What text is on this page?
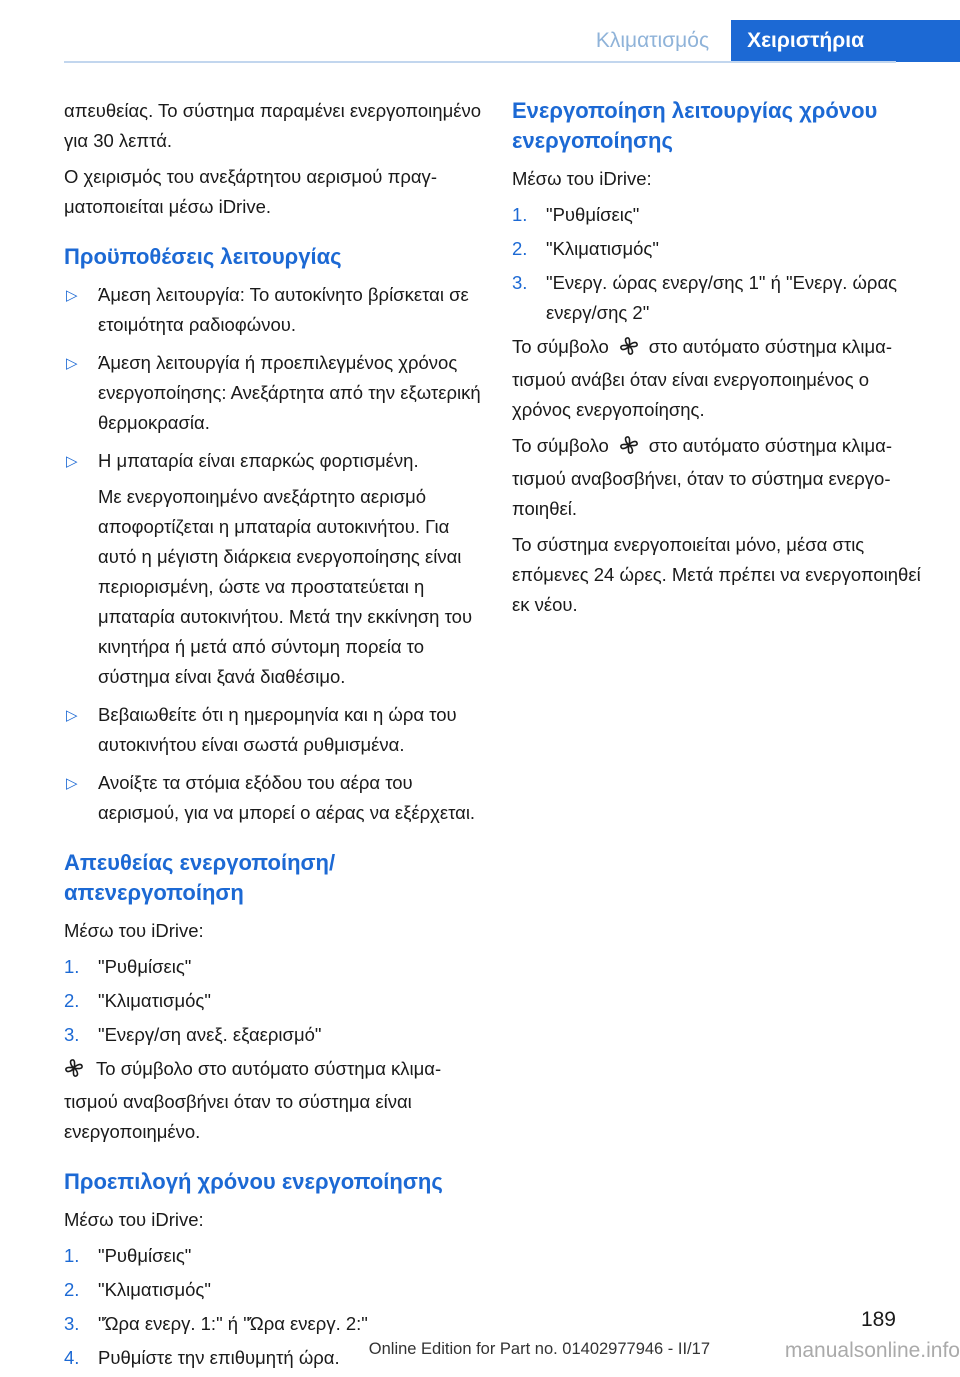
Κλιματισμός	Χειριστήρια

απευθείας. Το σύστημα παραμένει ενεργοποιημένο για 30 λεπτά.

Ο χειρισμός του ανεξάρτητου αερισμού πραγματοποιείται μέσω iDrive.

Προϋποθέσεις λειτουργίας
▷ Άμεση λειτουργία: Το αυτοκίνητο βρίσκεται σε ετοιμότητα ραδιοφώνου.

▷ Άμεση λειτουργία ή προεπιλεγμένος χρόνος ενεργοποίησης: Ανεξάρτητα από την εξωτερική θερμοκρασία.

▷ Η μπαταρία είναι επαρκώς φορτισμένη.

Με ενεργοποιημένο ανεξάρτητο αερισμό αποφορτίζεται η μπαταρία αυτοκινήτου. Για αυτό η μέγιστη διάρκεια ενεργοποίησης είναι περιορισμένη, ώστε να προστατεύεται η μπαταρία αυτοκινήτου. Μετά την εκκίνηση του κινητήρα ή μετά από σύντομη πορεία το σύστημα είναι ξανά διαθέσιμο.

▷ Βεβαιωθείτε ότι η ημερομηνία και η ώρα του αυτοκινήτου είναι σωστά ρυθμισμένα.

▷ Ανοίξτε τα στόμια εξόδου του αέρα του αερισμού, για να μπορεί ο αέρας να εξέρχεται.

Απευθείας ενεργοποίηση/απενεργοποίηση

Μέσω του iDrive:

1. "Ρυθμίσεις"
2. "Κλιματισμός"
3. "Ενεργ/ση ανεξ. εξαερισμό"

Το σύμβολο στο αυτόματο σύστημα κλιματισμού αναβοσβήνει όταν το σύστημα είναι ενεργοποιημένο.

Προεπιλογή χρόνου ενεργοποίησης

Μέσω του iDrive:

1. "Ρυθμίσεις"
2. "Κλιματισμός"
3. "Ώρα ενεργ. 1:" ή "Ώρα ενεργ. 2:"
4. Ρυθμίστε την επιθυμητή ώρα.
Ενεργοποίηση λειτουργίας χρόνου ενεργοποίησης

Μέσω του iDrive:

1. "Ρυθμίσεις"
2. "Κλιματισμός"
3. "Ενεργ. ώρας ενεργ/σης 1" ή "Ενεργ. ώρας ενεργ/σης 2"

Το σύμβολο στο αυτόματο σύστημα κλιματισμού ανάβει όταν είναι ενεργοποιημένος ο χρόνος ενεργοποίησης.

Το σύμβολο στο αυτόματο σύστημα κλιματισμού αναβοσβήνει, όταν το σύστημα ενεργοποιηθεί.

Το σύστημα ενεργοποιείται μόνο, μέσα στις επόμενες 24 ώρες. Μετά πρέπει να ενεργοποιηθεί εκ νέου.

189
Online Edition for Part no. 01402977946 - II/17	manualsonline.info
